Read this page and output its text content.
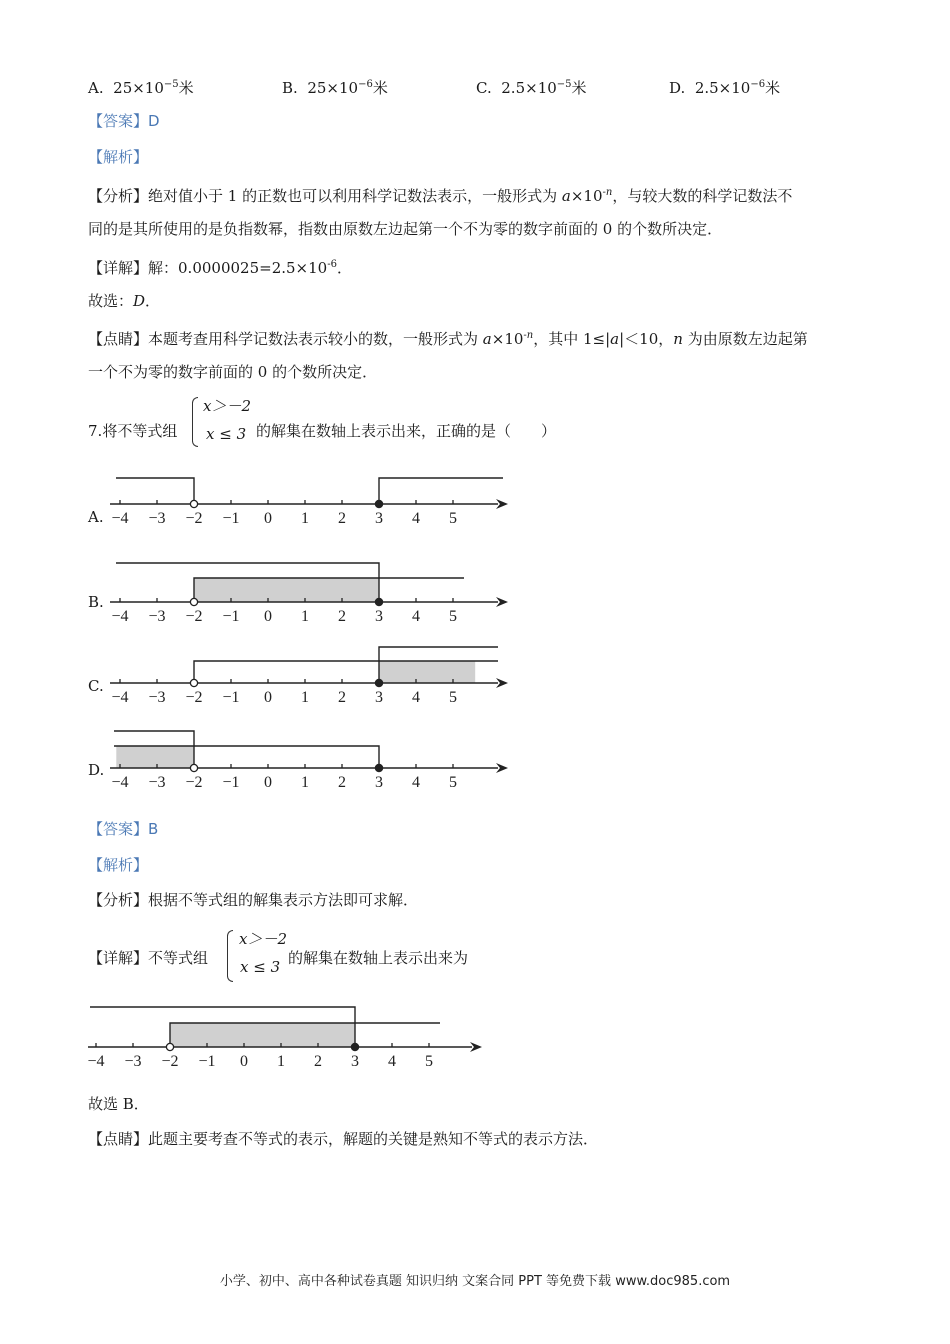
A. $25\times 10^{-5}$米	B. $25\times 10^{-6}$米	C. $2.5\times 10^{-5}$米	D. $2.5\times 10^{-6}$米
【答案】D
【解析】
【分析】绝对值小于 1 的正数也可以利用科学记数法表示，一般形式为 $a\times 10^{-n}$，与较大数的科学记数法不
同的是其所使用的是负指数幂，指数由原数左边起第一个不为零的数字前面的 0 的个数所决定．
【详解】解：$0.0000025=2.5\times 10^{-6}$．
故选：D．
【点睛】本题考查用科学记数法表示较小的数，一般形式为 $a\times 10^{-n}$，其中 1≤|a|＜10，n 为由原数左边起第
一个不为零的数字前面的 0 的个数所决定．
7.将不等式组
x＞－2
x ≤ 3 的解集在数轴上表示出来，正确的是（　　）
A.
B.
C.
D.
−4 −3 −2 −1 0 1 2 3 4 5
−4 −3 −2 −1 0 1 2 3 4 5
−4 −3 −2 −1 0 1 2 3 4 5
−4 −3 −2 −1 0 1 2 3 4 5
−4 −3 −2 −1 0 1 2 3 4 5
【答案】B
【解析】
【分析】根据不等式组的解集表示方法即可求解．
【详解】不等式组
x＞－2
x ≤ 3 的解集在数轴上表示出来为
故选 B．
【点睛】此题主要考查不等式的表示，解题的关键是熟知不等式的表示方法．
小学、初中、高中各种试卷真题 知识归纳 文案合同 PPT 等免费下载 www.doc985.com
